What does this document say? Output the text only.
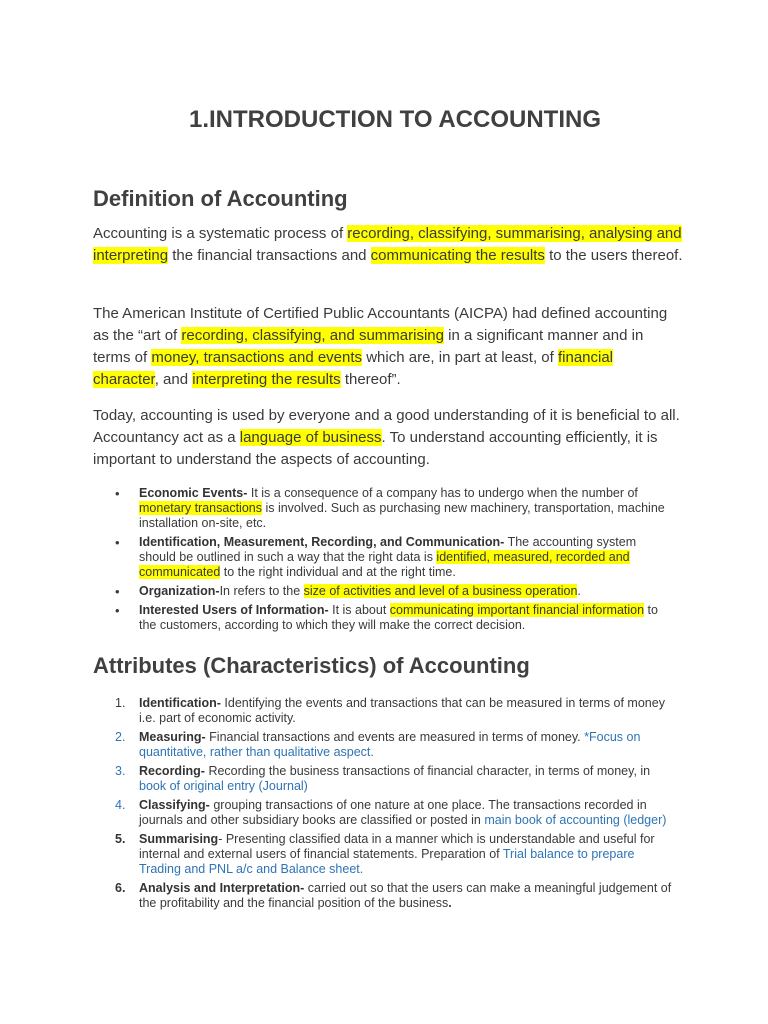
1.INTRODUCTION TO ACCOUNTING
Definition of Accounting

Accounting is a systematic process of recording, classifying, summarising, analysing and interpreting the financial transactions and communicating the results to the users thereof.

The American Institute of Certified Public Accountants (AICPA) had defined accounting as the “art of recording, classifying, and summarising in a significant manner and in terms of money, transactions and events which are, in part at least, of financial character, and interpreting the results thereof”.

Today, accounting is used by everyone and a good understanding of it is beneficial to all. Accountancy act as a language of business. To understand accounting efficiently, it is important to understand the aspects of accounting.

• Economic Events- It is a consequence of a company has to undergo when the number of monetary transactions is involved. Such as purchasing new machinery, transportation, machine installation on-site, etc.
• Identification, Measurement, Recording, and Communication- The accounting system should be outlined in such a way that the right data is identified, measured, recorded and communicated to the right individual and at the right time.
• Organization-In refers to the size of activities and level of a business operation.
• Interested Users of Information- It is about communicating important financial information to the customers, according to which they will make the correct decision.
Attributes (Characteristics) of Accounting
1. Identification- Identifying the events and transactions that can be measured in terms of money i.e. part of economic activity.
2. Measuring- Financial transactions and events are measured in terms of money. *Focus on quantitative, rather than qualitative aspect.
3. Recording- Recording the business transactions of financial character, in terms of money, in book of original entry (Journal)
4. Classifying- grouping transactions of one nature at one place. The transactions recorded in journals and other subsidiary books are classified or posted in main book of accounting (ledger)
5. Summarising- Presenting classified data in a manner which is understandable and useful for internal and external users of financial statements. Preparation of Trial balance to prepare Trading and PNL a/c and Balance sheet.
6. Analysis and Interpretation- carried out so that the users can make a meaningful judgement of the profitability and the financial position of the business.
